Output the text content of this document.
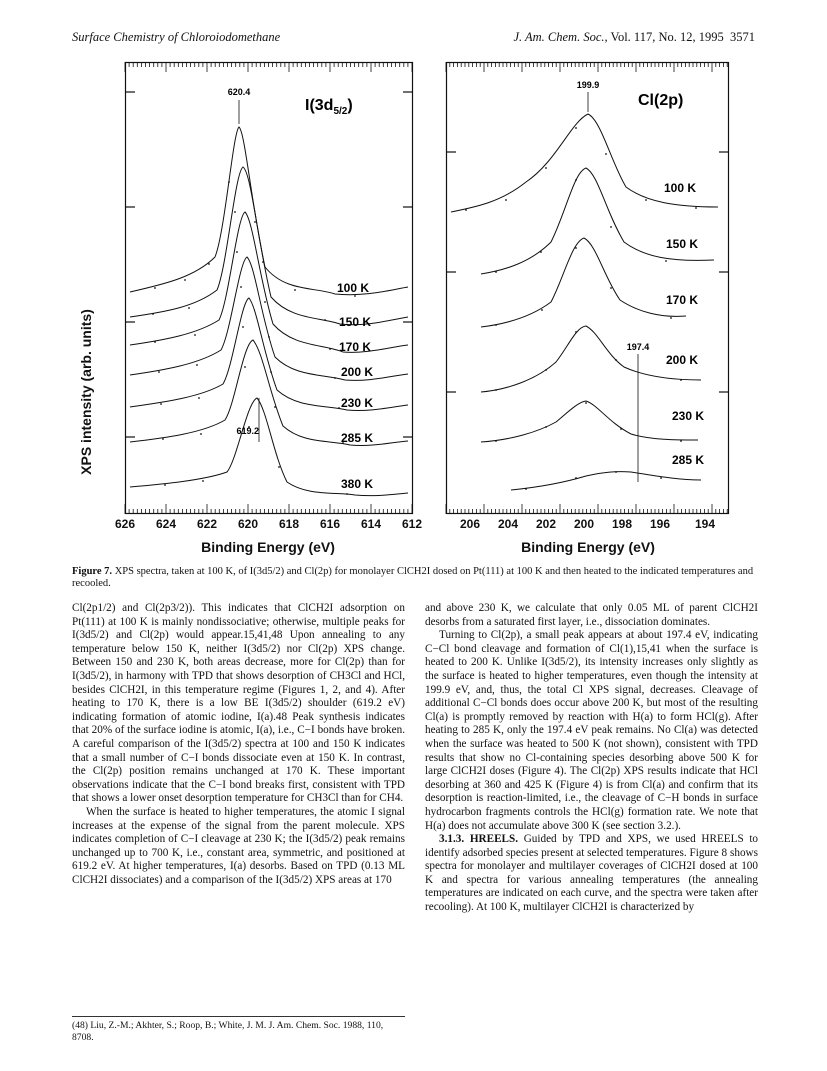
Surface Chemistry of Chloroiodomethane	J. Am. Chem. Soc., Vol. 117, No. 12, 1995 3571
XPS intensity (arb. units)
620.4
619.2
$I(3d_{5/2})$
100 K
150 K
170 K
200 K
230 K
285 K
380 K
199.9
197.4
Cl(2p)
100 K
150 K
170 K
200 K
230 K
285 K
626 624 622 620 618 616 614 612	206 204 202 200 198 196 194
Binding Energy (eV)	Binding Energy (eV)
Figure 7. XPS spectra, taken at 100 K, of I(3d5/2) and Cl(2p) for monolayer ClCH2I dosed on Pt(111) at 100 K and then heated to the indicated temperatures and recooled.

Cl(2p1/2) and Cl(2p3/2)). This indicates that ClCH2I adsorption on Pt(111) at 100 K is mainly nondissociative; otherwise, multiple peaks for I(3d5/2) and Cl(2p) would appear.15,41,48 Upon annealing to any temperature below 150 K, neither I(3d5/2) nor Cl(2p) XPS change. Between 150 and 230 K, both areas decrease, more for Cl(2p) than for I(3d5/2), in harmony with TPD that shows desorption of CH3Cl and HCl, besides ClCH2I, in this temperature regime (Figures 1, 2, and 4). After heating to 170 K, there is a low BE I(3d5/2) shoulder (619.2 eV) indicating formation of atomic iodine, I(a).48 Peak synthesis indicates that 20% of the surface iodine is atomic, I(a), i.e., C−I bonds have broken. A careful comparison of the I(3d5/2) spectra at 100 and 150 K indicates that a small number of C−I bonds dissociate even at 150 K. In contrast, the Cl(2p) position remains unchanged at 170 K. These important observations indicate that the C−I bond breaks first, consistent with TPD that shows a lower onset desorption temperature for CH3Cl than for CH4.

When the surface is heated to higher temperatures, the atomic I signal increases at the expense of the signal from the parent molecule. XPS indicates completion of C−I cleavage at 230 K; the I(3d5/2) peak remains unchanged up to 700 K, i.e., constant area, symmetric, and positioned at 619.2 eV. At higher temperatures, I(a) desorbs. Based on TPD (0.13 ML ClCH2I dissociates) and a comparison of the I(3d5/2) XPS areas at 170

(48) Liu, Z.-M.; Akhter, S.; Roop, B.; White, J. M. J. Am. Chem. Soc. 1988, 110, 8708.

and above 230 K, we calculate that only 0.05 ML of parent ClCH2I desorbs from a saturated first layer, i.e., dissociation dominates.

Turning to Cl(2p), a small peak appears at about 197.4 eV, indicating C−Cl bond cleavage and formation of Cl(1),15,41 when the surface is heated to 200 K. Unlike I(3d5/2), its intensity increases only slightly as the surface is heated to higher temperatures, even though the intensity at 199.9 eV, and, thus, the total Cl XPS signal, decreases. Cleavage of additional C−Cl bonds does occur above 200 K, but most of the resulting Cl(a) is promptly removed by reaction with H(a) to form HCl(g). After heating to 285 K, only the 197.4 eV peak remains. No Cl(a) was detected when the surface was heated to 500 K (not shown), consistent with TPD results that show no Cl-containing species desorbing above 500 K for large ClCH2I doses (Figure 4). The Cl(2p) XPS results indicate that HCl desorbing at 360 and 425 K (Figure 4) is from Cl(a) and confirm that its desorption is reaction-limited, i.e., the cleavage of C−H bonds in surface hydrocarbon fragments controls the HCl(g) formation rate. We note that H(a) does not accumulate above 300 K (see section 3.2.).

3.1.3. HREELS. Guided by TPD and XPS, we used HREELS to identify adsorbed species present at selected temperatures. Figure 8 shows spectra for monolayer and multilayer coverages of ClCH2I dosed at 100 K and spectra for various annealing temperatures (the annealing temperatures are indicated on each curve, and the spectra were taken after recooling). At 100 K, multilayer ClCH2I is characterized by
